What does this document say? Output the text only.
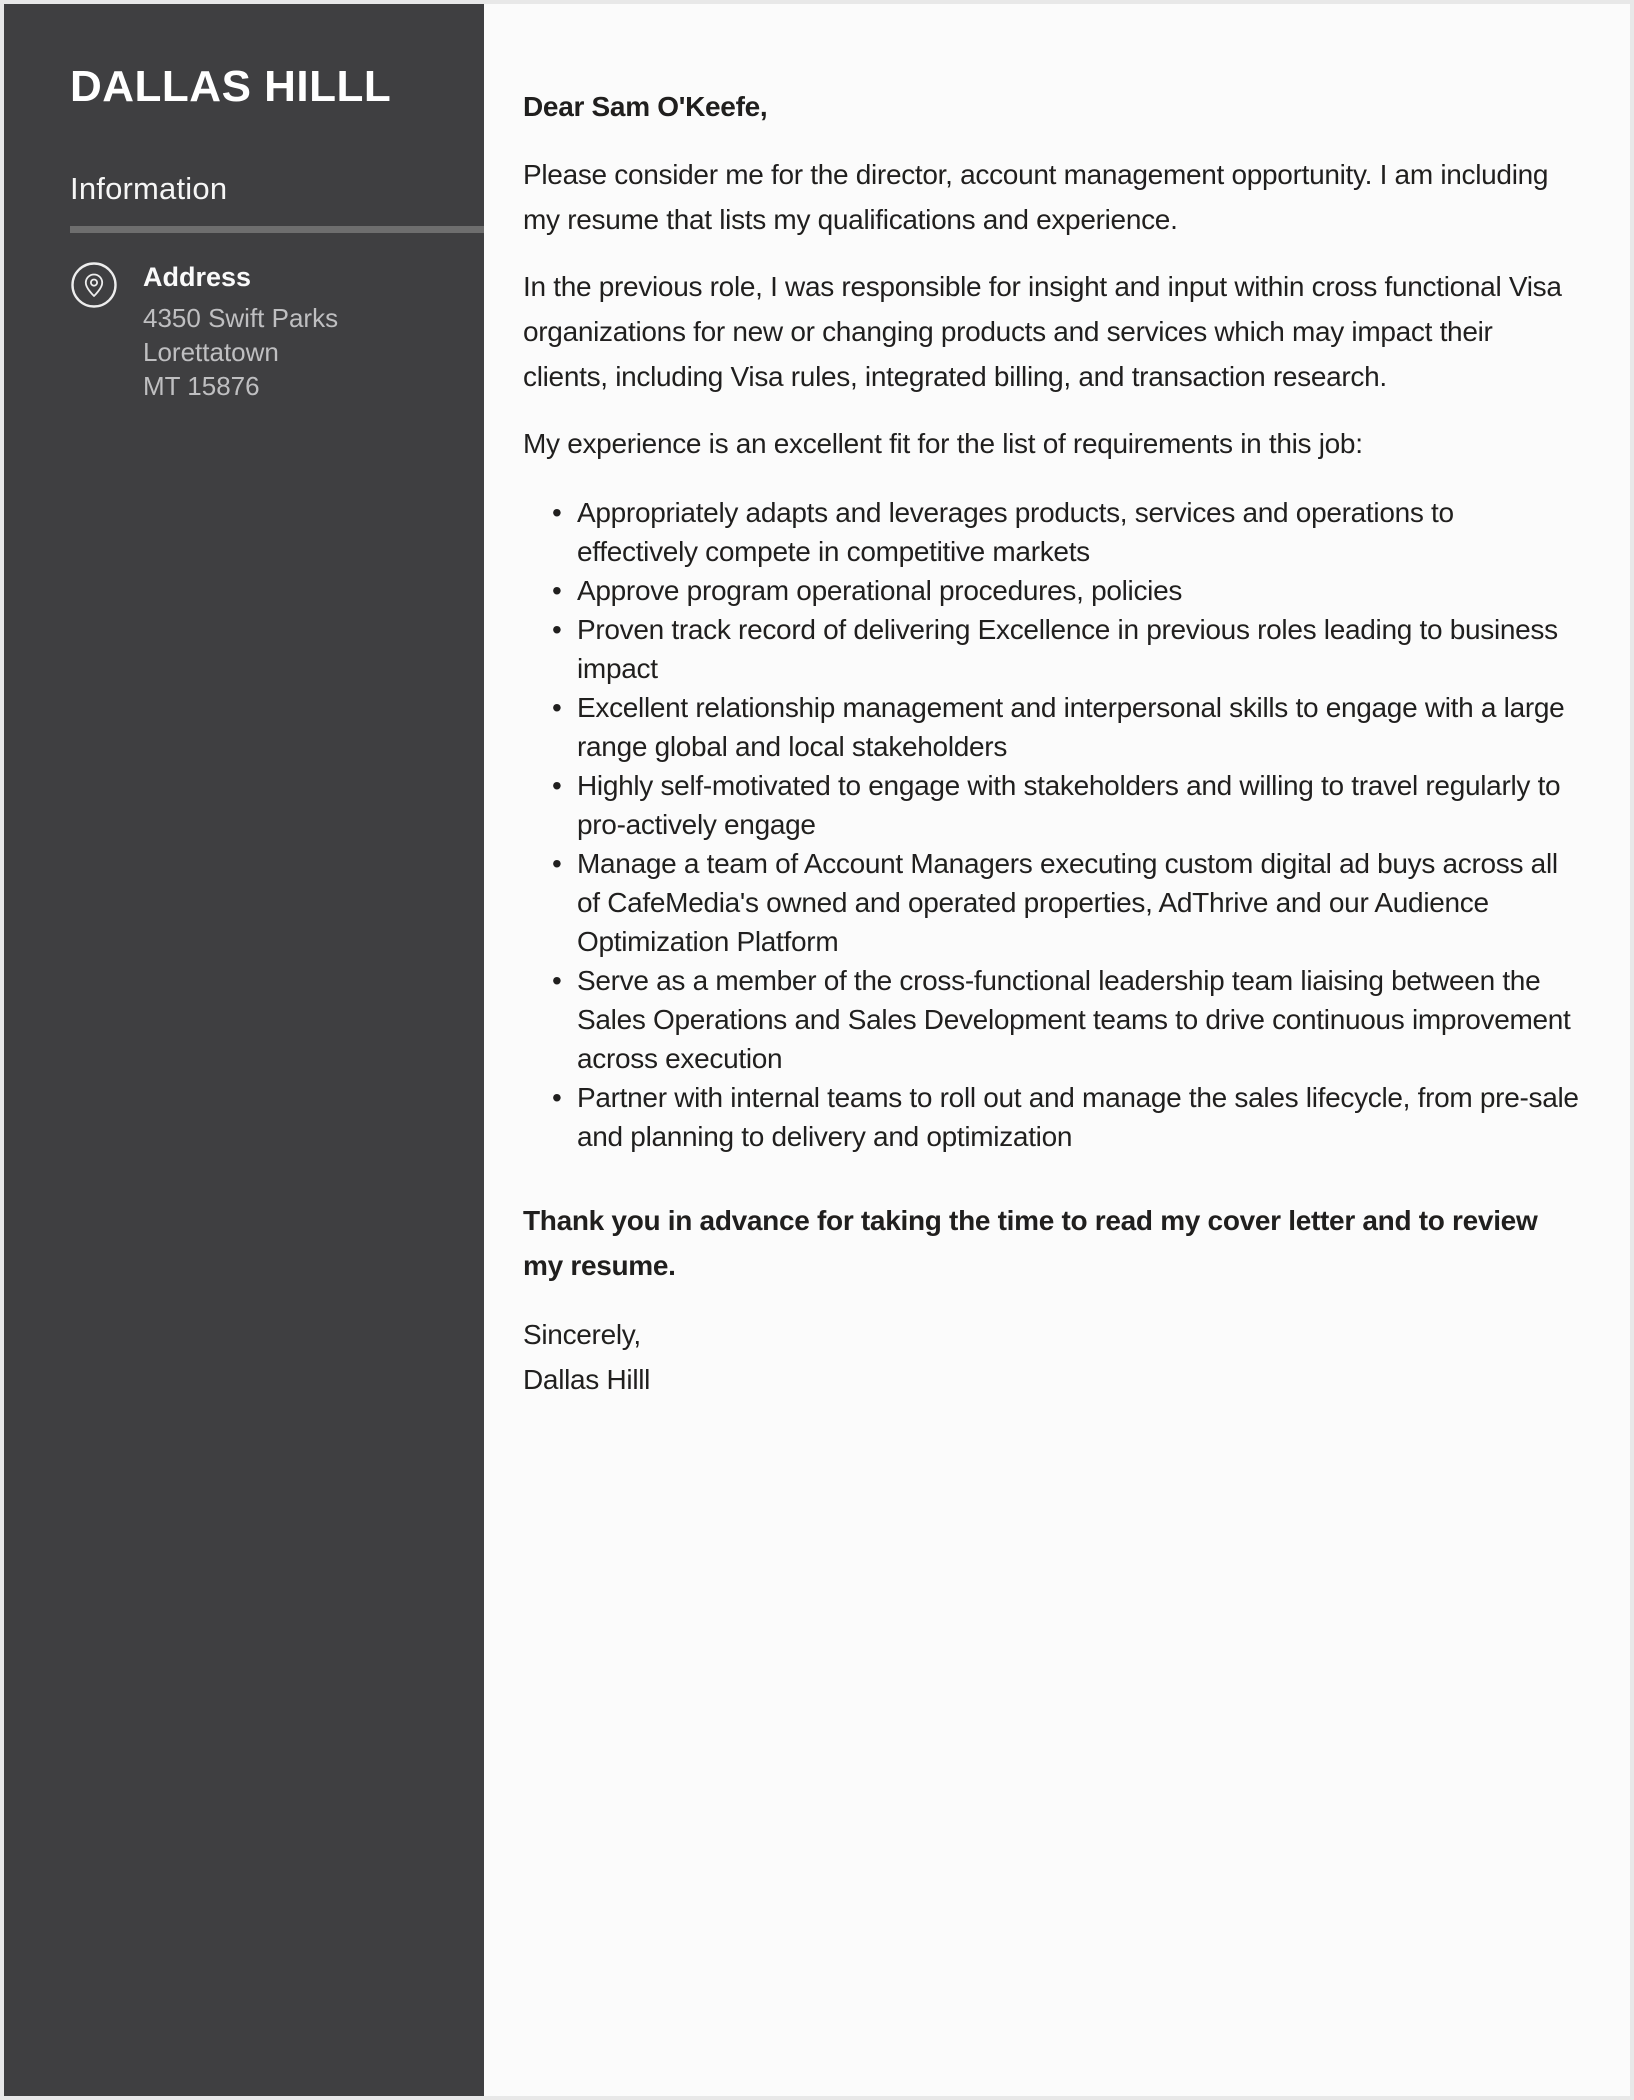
DALLAS HILLL
Information
Address
4350 Swift Parks
Lorettatown
MT 15876

Dear Sam O'Keefe,

Please consider me for the director, account management opportunity. I am including my resume that lists my qualifications and experience.

In the previous role, I was responsible for insight and input within cross functional Visa organizations for new or changing products and services which may impact their clients, including Visa rules, integrated billing, and transaction research.

My experience is an excellent fit for the list of requirements in this job:

• Appropriately adapts and leverages products, services and operations to effectively compete in competitive markets
• Approve program operational procedures, policies
• Proven track record of delivering Excellence in previous roles leading to business impact
• Excellent relationship management and interpersonal skills to engage with a large range global and local stakeholders
• Highly self-motivated to engage with stakeholders and willing to travel regularly to pro-actively engage
• Manage a team of Account Managers executing custom digital ad buys across all of CafeMedia's owned and operated properties, AdThrive and our Audience Optimization Platform
• Serve as a member of the cross-functional leadership team liaising between the Sales Operations and Sales Development teams to drive continuous improvement across execution
• Partner with internal teams to roll out and manage the sales lifecycle, from pre-sale and planning to delivery and optimization

Thank you in advance for taking the time to read my cover letter and to review my resume.

Sincerely,
Dallas Hilll
